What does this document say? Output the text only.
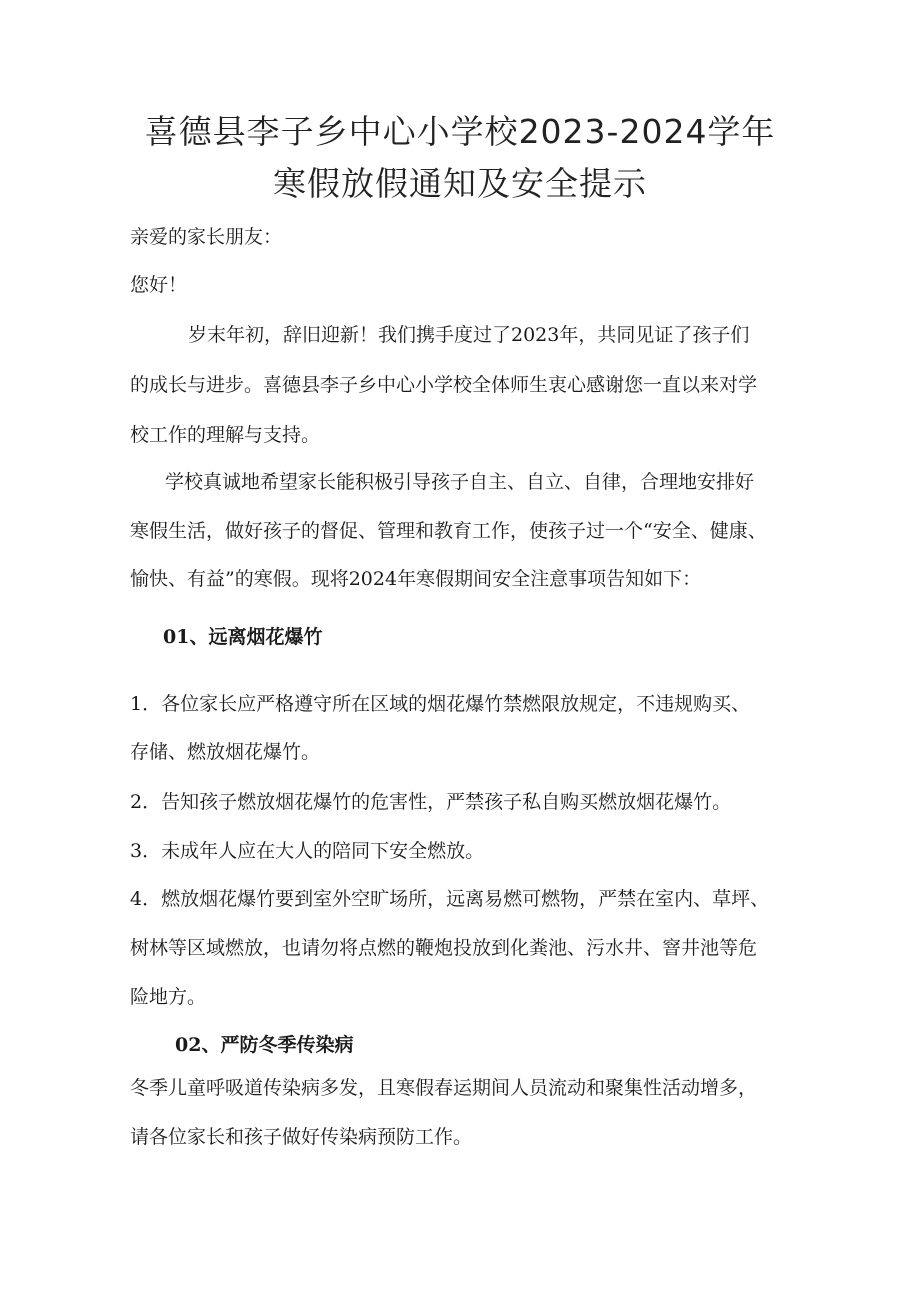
喜德县李子乡中心小学校2023-2024学年
寒假放假通知及安全提示

亲爱的家长朋友：

您好！

岁末年初，辞旧迎新！我们携手度过了2023年，共同见证了孩子们

的成长与进步。喜德县李子乡中心小学校全体师生衷心感谢您一直以来对学

校工作的理解与支持。

学校真诚地希望家长能积极引导孩子自主、自立、自律，合理地安排好

寒假生活，做好孩子的督促、管理和教育工作，使孩子过一个“安全、健康、

愉快、有益”的寒假。现将2024年寒假期间安全注意事项告知如下：

01、远离烟花爆竹

1．各位家长应严格遵守所在区域的烟花爆竹禁燃限放规定，不违规购买、

存储、燃放烟花爆竹。

2．告知孩子燃放烟花爆竹的危害性，严禁孩子私自购买燃放烟花爆竹。

3．未成年人应在大人的陪同下安全燃放。

4．燃放烟花爆竹要到室外空旷场所，远离易燃可燃物，严禁在室内、草坪、

树林等区域燃放，也请勿将点燃的鞭炮投放到化粪池、污水井、窨井池等危

险地方。

02、严防冬季传染病

冬季儿童呼吸道传染病多发，且寒假春运期间人员流动和聚集性活动增多，

请各位家长和孩子做好传染病预防工作。
